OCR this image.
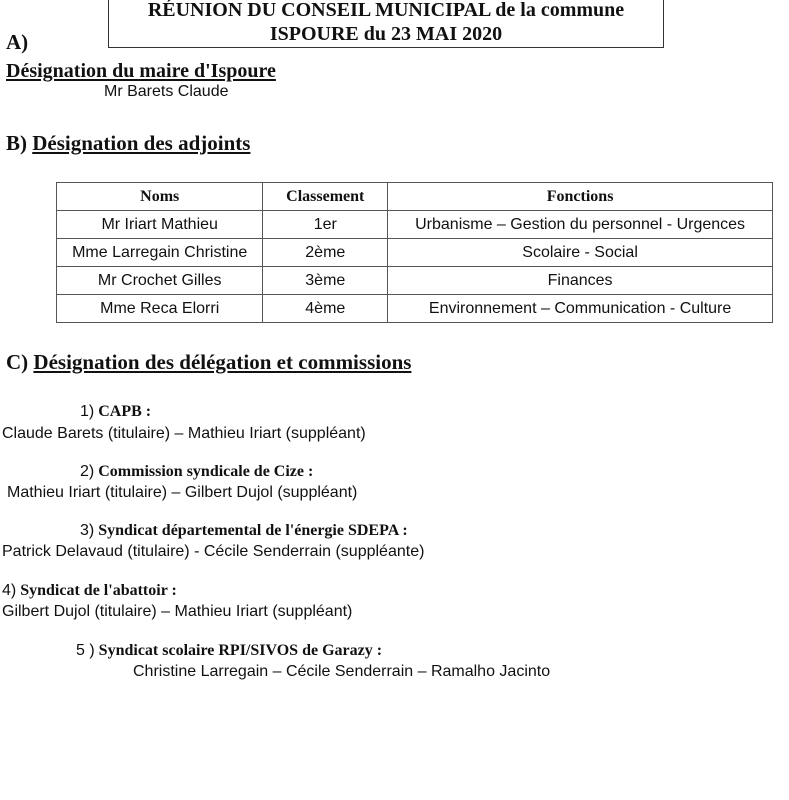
RÉUNION DU CONSEIL MUNICIPAL de la commune
ISPOURE du 23 MAI 2020
A)
Désignation du maire d'Ispoure
Mr Barets Claude
B) Désignation des adjoints
Noms	Classement	Fonctions
Mr Iriart Mathieu	1er	Urbanisme – Gestion du personnel - Urgences
Mme Larregain Christine	2ème	Scolaire - Social
Mr Crochet Gilles	3ème	Finances
Mme Reca Elorri	4ème	Environnement – Communication - Culture
C) Désignation des délégation et commissions
1) CAPB :
Claude Barets (titulaire) – Mathieu Iriart (suppléant)
2) Commission syndicale de Cize :
Mathieu Iriart (titulaire) – Gilbert Dujol (suppléant)
3) Syndicat départemental de l'énergie SDEPA :
Patrick Delavaud (titulaire) - Cécile Senderrain (suppléante)
4) Syndicat de l'abattoir :
Gilbert Dujol (titulaire) – Mathieu Iriart (suppléant)
5 ) Syndicat scolaire RPI/SIVOS de Garazy :
Christine Larregain – Cécile Senderrain – Ramalho Jacinto
